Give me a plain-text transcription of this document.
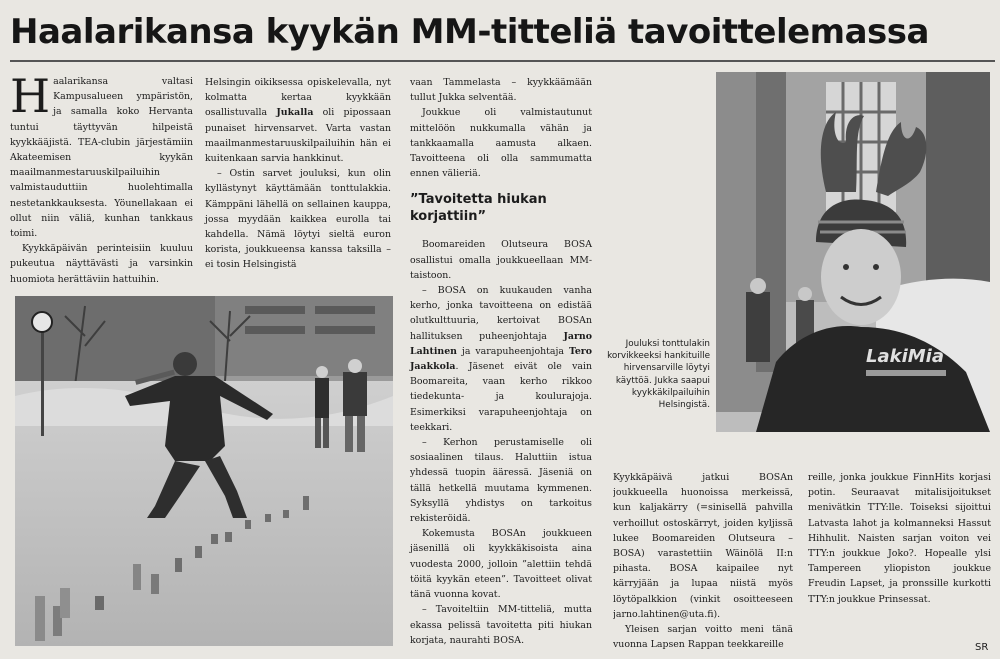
Haalarikansa kyykän MM-titteliä tavoittelemassa

Haalarikansa valtasi Kampusalueen ympäristön, ja samalla koko Hervanta tuntui täyttyvän hilpeistä kyykkääjistä. TEA-clubin järjestämiin Akateemisen kyykän maailmanmestaruuskilpailuihin valmistauduttiin huolehtimalla nestetankkauksesta. Yöunellakaan ei ollut niin väliä, kunhan tankkaus toimi.

Kyykkäpäivän perinteisiin kuuluu pukeutua näyttävästi ja varsinkin huomiota herättäviin hattuihin.

Helsingin oikiksessa opiskelevalla, nyt kolmatta kertaa kyykkään osallistuvalla Jukalla oli pipossaan punaiset hirvensarvet. Varta vastan maailmanmestaruuskilpailuihin hän ei kuitenkaan sarvia hankkinut.

– Ostin sarvet jouluksi, kun olin kyllästynyt käyttämään tonttulakkia. Kämppäni lähellä on sellainen kauppa, jossa myydään kaikkea eurolla tai kahdella. Nämä löytyi sieltä euron korista, joukkueensa kanssa taksilla – ei tosin Helsingistä

vaan Tammelasta – kyykkäämään tullut Jukka selventää.

Joukkue oli valmistautunut mittelöön nukkumalla vähän ja tankkaamalla aamusta alkaen. Tavoitteena oli olla sammumatta ennen välieriä.

”Tavoitetta hiukan korjattiin”

Boomareiden Olutseura BOSA osallistui omalla joukkueellaan MM-taistoon.

– BOSA on kuukauden vanha kerho, jonka tavoitteena on edistää olutkulttuuria, kertoivat BOSAn hallituksen puheenjohtaja Jarno Lahtinen ja varapuheenjohtaja Tero Jaakkola. Jäsenet eivät ole vain Boomareita, vaan kerho rikkoo tiedekunta- ja koulurajoja. Esimerkiksi varapuheenjohtaja on teekkari.

– Kerhon perustamiselle oli sosiaalinen tilaus. Haluttiin istua yhdessä tuopin ääressä. Jäseniä on tällä hetkellä muutama kymmenen. Syksyllä yhdistys on tarkoitus rekisteröidä.

Kokemusta BOSAn joukkueen jäsenillä oli kyykkäkisoista aina vuodesta 2000, jolloin ”alettiin tehdä töitä kyykän eteen”. Tavoitteet olivat tänä vuonna kovat.

– Tavoiteltiin MM-titteliä, mutta ekassa pelissä tavoitetta piti hiukan korjata, naurahti BOSA.

Kyykkäpäivä jatkui BOSAn joukkueella huonoissa merkeissä, kun kaljakärry (=sinisellä pahvilla verhoillut ostoskärryt, joiden kyljissä lukee Boomareiden Olutseura – BOSA) varastettiin Wäinölä II:n pihasta. BOSA kaipailee nyt kärryjään ja lupaa niistä myös löytöpalkkion (vinkit osoitteeseen jarno.lahtinen@uta.fi).

Yleisen sarjan voitto meni tänä vuonna Lapsen Rappan teekkareille

reille, jonka joukkue FinnHits korjasi potin. Seuraavat mitalisijoitukset menivätkin TTY:lle. Toiseksi sijoittui Latvasta lahot ja kolmanneksi Hassut Hihhulit. Naisten sarjan voiton vei TTY:n joukkue Joko?. Hopealle ylsi Tampereen yliopiston joukkue Freudin Lapset, ja pronssille kurkotti TTY:n joukkue Prinsessat.

LakiMia
Jouluksi tonttulakin korvikkeeksi hankituille hirvensarville löytyi käyttöä. Jukka saapui kyykkäkilpailuihin Helsingistä.
SR
